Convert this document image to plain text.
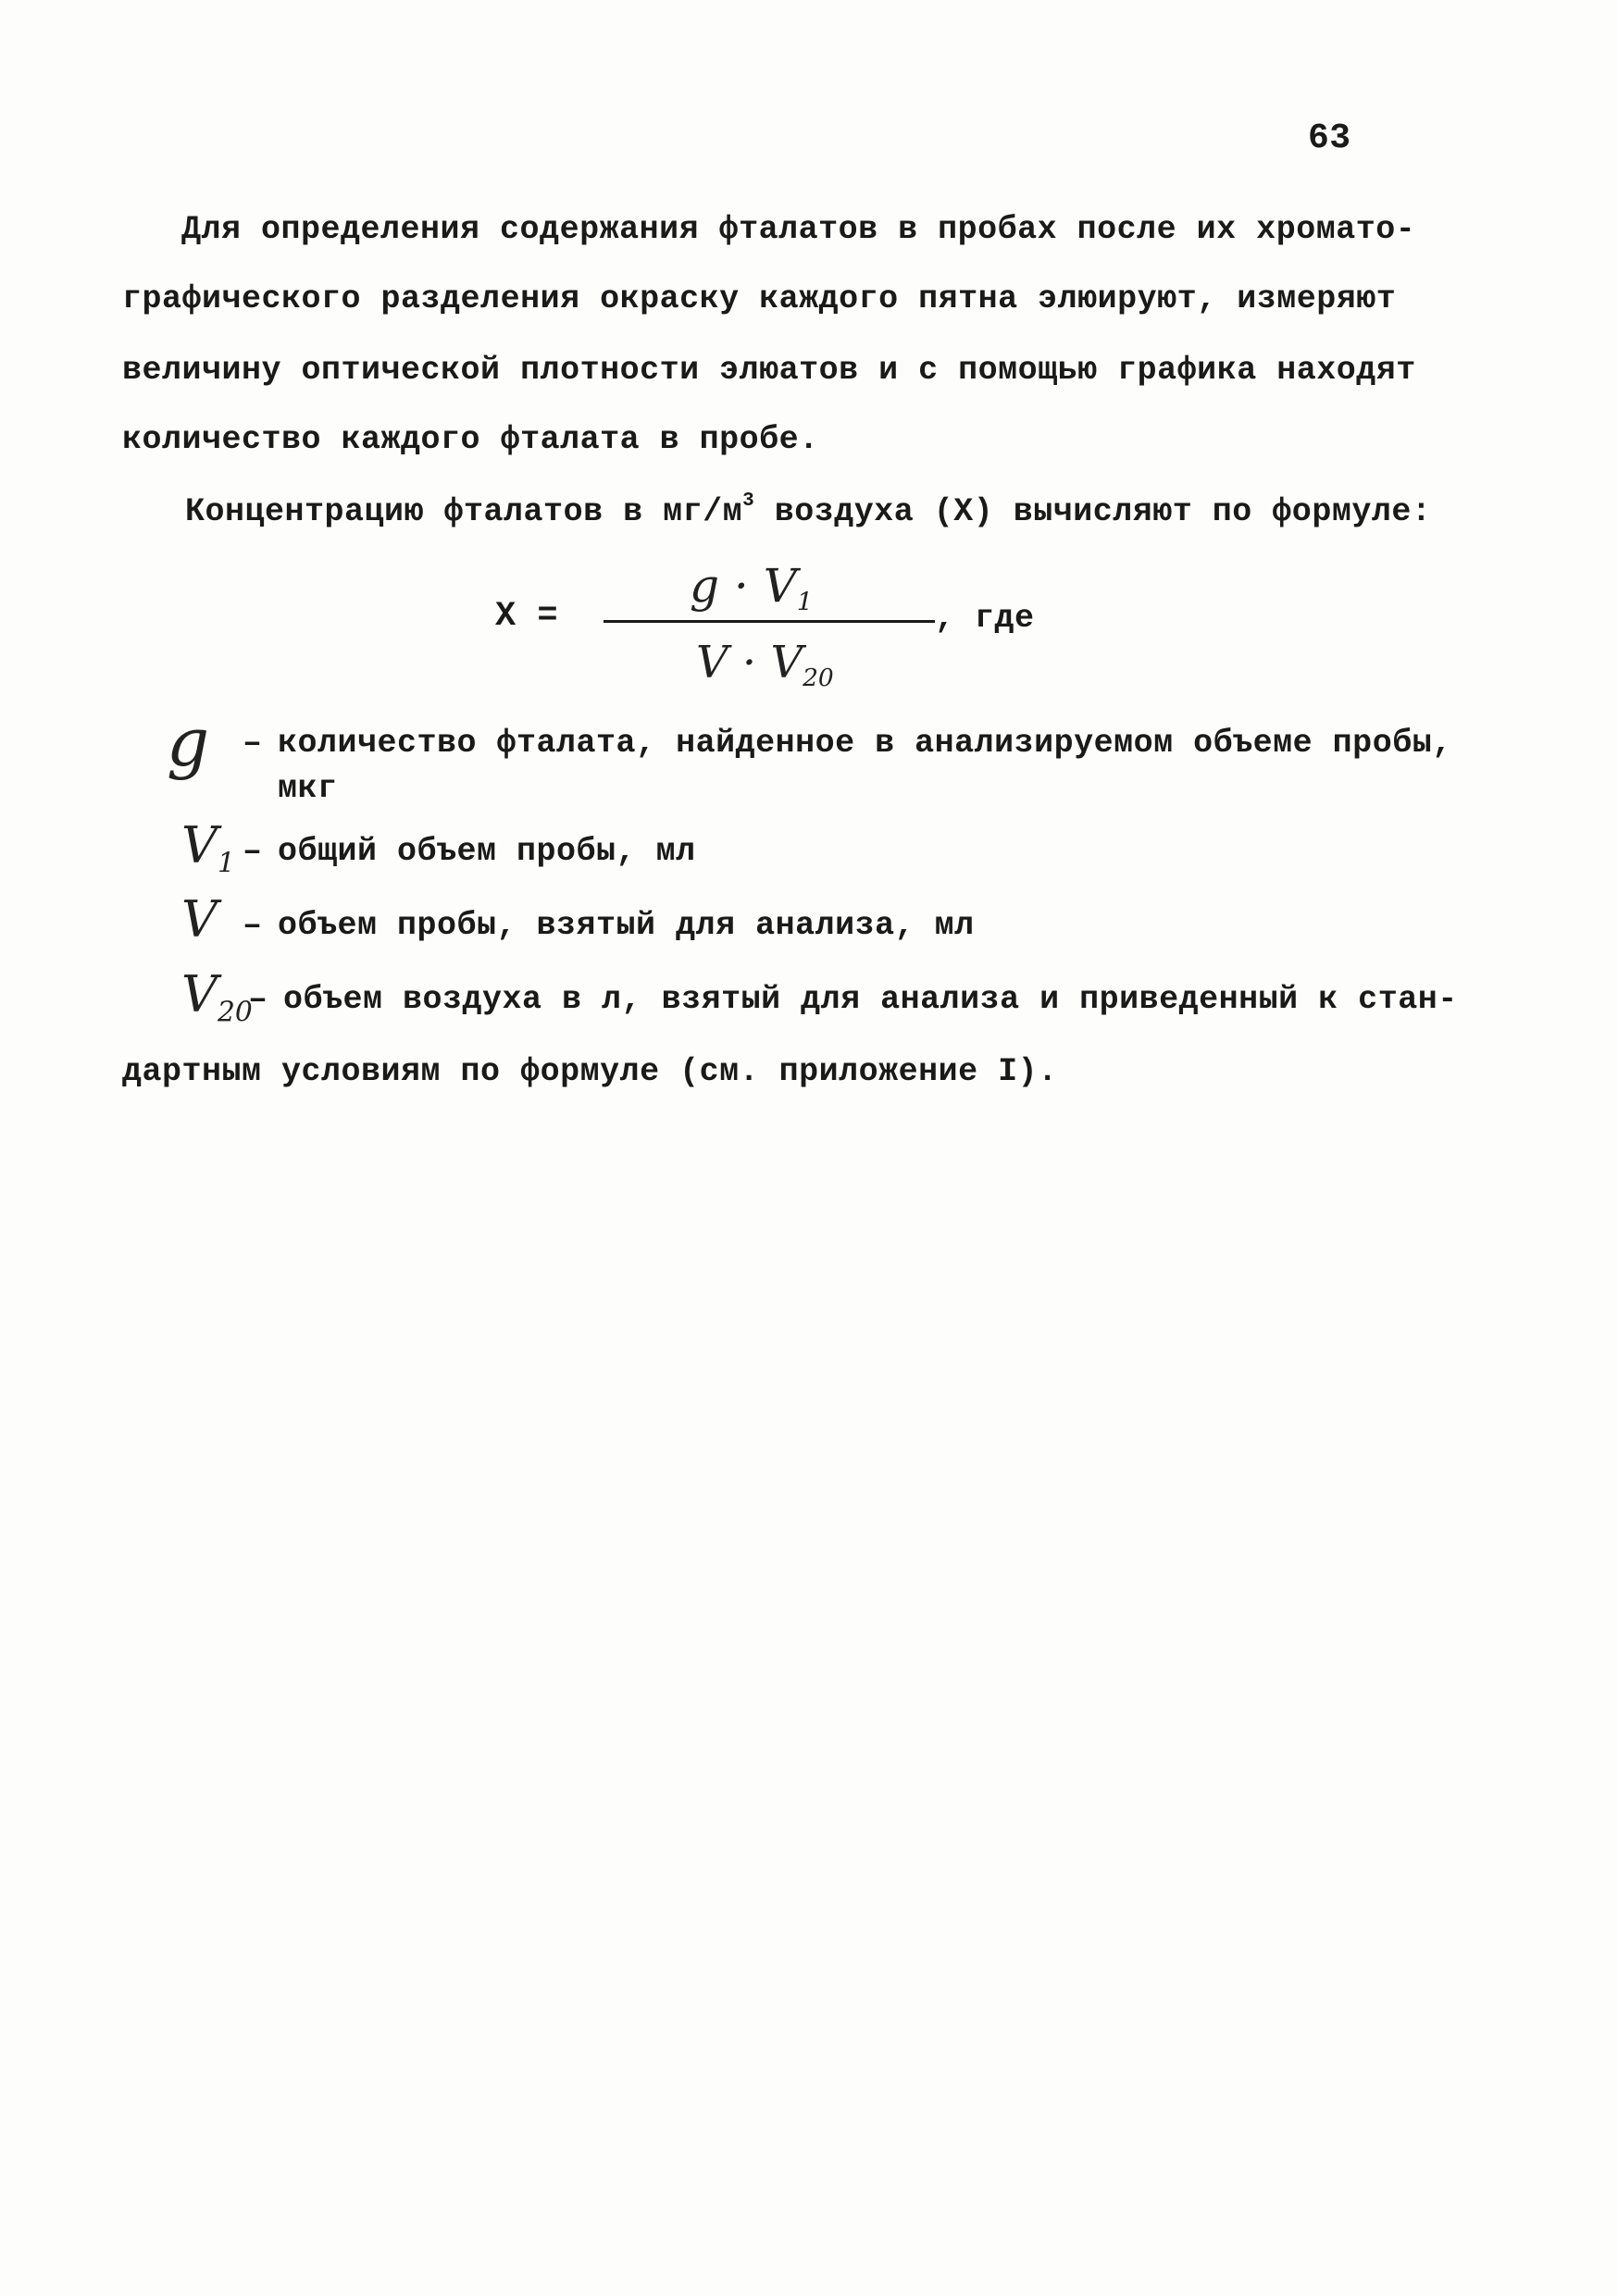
63
Для определения содержания фталатов в пробах после их хромато-
графического разделения окраску каждого пятна элюируют, измеряют
величину оптической плотности элюатов и с помощью графика находят
количество каждого фталата в пробе.
Концентрацию фталатов в $мг/м^3$ воздуха (X) вычисляют по формуле:
X =
$g \cdot V_1$
$V \cdot V_{20}$
, где
g – количество фталата, найденное в анализируемом объеме пробы,
мкг
$V_1$ – общий объем пробы, мл
V – объем пробы, взятый для анализа, мл
$V_{20}$
– объем воздуха в л, взятый для анализа и приведенный к стан-
дартным условиям по формуле (см. приложение I).
